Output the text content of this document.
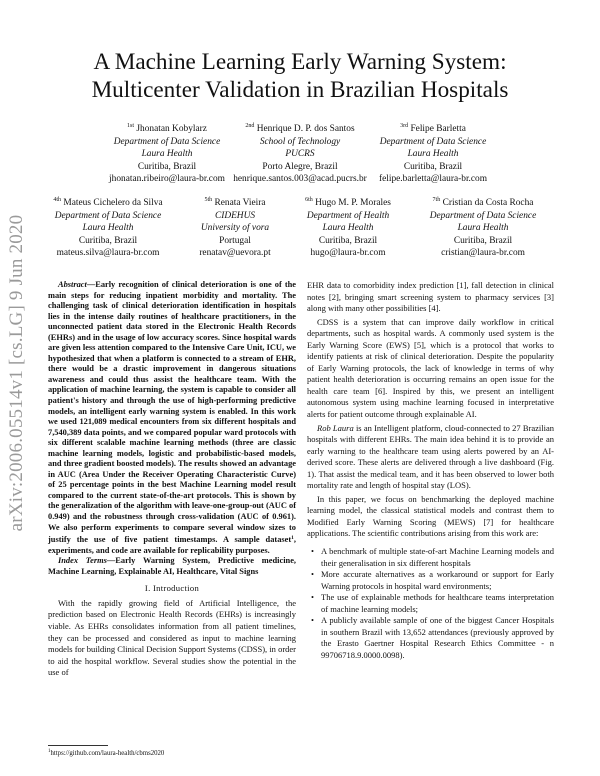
arXiv:2006.05514v1 [cs.LG] 9 Jun 2020
A Machine Learning Early Warning System:
Multicenter Validation in Brazilian Hospitals
$^{1st}$ Jhonatan Kobylarz
Department of Data Science
Laura Health
Curitiba, Brazil
jhonatan.ribeiro@laura-br.com
$^{2nd}$ Henrique D. P. dos Santos
School of Technology
PUCRS
Porto Alegre, Brazil
henrique.santos.003@acad.pucrs.br
$^{3rd}$ Felipe Barletta
Department of Data Science
Laura Health
Curitiba, Brazil
felipe.barletta@laura-br.com
$^{4th}$ Mateus Cichelero da Silva
Department of Data Science
Laura Health
Curitiba, Brazil
mateus.silva@laura-br.com
$^{5th}$ Renata Vieira
CIDEHUS
University of vora
Portugal
renatav@uevora.pt
$^{6th}$ Hugo M. P. Morales
Department of Health
Laura Health
Curitiba, Brazil
hugo@laura-br.com
$^{7th}$ Cristian da Costa Rocha
Department of Data Science
Laura Health
Curitiba, Brazil
cristian@laura-br.com

Abstract—Early recognition of clinical deterioration is one of the main steps for reducing inpatient morbidity and mortality. The challenging task of clinical deterioration identification in hospitals lies in the intense daily routines of healthcare practitioners, in the unconnected patient data stored in the Electronic Health Records (EHRs) and in the usage of low accuracy scores. Since hospital wards are given less attention compared to the Intensive Care Unit, ICU, we hypothesized that when a platform is connected to a stream of EHR, there would be a drastic improvement in dangerous situations awareness and could thus assist the healthcare team. With the application of machine learning, the system is capable to consider all patient's history and through the use of high-performing predictive models, an intelligent early warning system is enabled. In this work we used 121,089 medical encounters from six different hospitals and 7,540,389 data points, and we compared popular ward protocols with six different scalable machine learning methods (three are classic machine learning models, logistic and probabilistic-based models, and three gradient boosted models). The results showed an advantage in AUC (Area Under the Receiver Operating Characteristic Curve) of 25 percentage points in the best Machine Learning model result compared to the current state-of-the-art protocols. This is shown by the generalization of the algorithm with leave-one-group-out (AUC of 0.949) and the robustness through cross-validation (AUC of 0.961). We also perform experiments to compare several window sizes to justify the use of five patient timestamps. A sample dataset$^1$, experiments, and code are available for replicability purposes.

Index Terms—Early Warning System, Predictive medicine, Machine Learning, Explainable AI, Healthcare, Vital Signs

I. Introduction

With the rapidly growing field of Artificial Intelligence, the prediction based on Electronic Health Records (EHRs) is increasingly viable. As EHRs consolidates information from all patient timelines, they can be processed and considered as input to machine learning models for building Clinical Decision Support Systems (CDSS), in order to aid the hospital workflow. Several studies show the potential in the use of

$^1$https://github.com/laura-health/cbms2020

EHR data to comorbidity index prediction [1], fall detection in clinical notes [2], bringing smart screening system to pharmacy services [3] along with many other possibilities [4].

CDSS is a system that can improve daily workflow in critical departments, such as hospital wards. A commonly used system is the Early Warning Score (EWS) [5], which is a protocol that works to identify patients at risk of clinical deterioration. Despite the popularity of Early Warning protocols, the lack of knowledge in terms of why patient health deterioration is occurring remains an open issue for the health care team [6]. Inspired by this, we present an intelligent autonomous system using machine learning focused in interpretative alerts for patient outcome through explainable AI.

Rob Laura is an Intelligent platform, cloud-connected to 27 Brazilian hospitals with different EHRs. The main idea behind it is to provide an early warning to the healthcare team using alerts powered by an AI-derived score. These alerts are delivered through a live dashboard (Fig. 1). That assist the medical team, and it has been observed to lower both mortality rate and length of hospital stay (LOS).

In this paper, we focus on benchmarking the deployed machine learning model, the classical statistical models and contrast them to Modified Early Warning Scoring (MEWS) [7] for healthcare applications. The scientific contributions arising from this work are:

• A benchmark of multiple state-of-art Machine Learning models and their generalisation in six different hospitals
• More accurate alternatives as a workaround or support for Early Warning protocols in hospital ward environments;
• The use of explainable methods for healthcare teams interpretation of machine learning models;
• A publicly available sample of one of the biggest Cancer Hospitals in southern Brazil with 13,652 attendances (previously approved by the Erasto Gaertner Hospital Research Ethics Committee - n 99706718.9.0000.0098).
